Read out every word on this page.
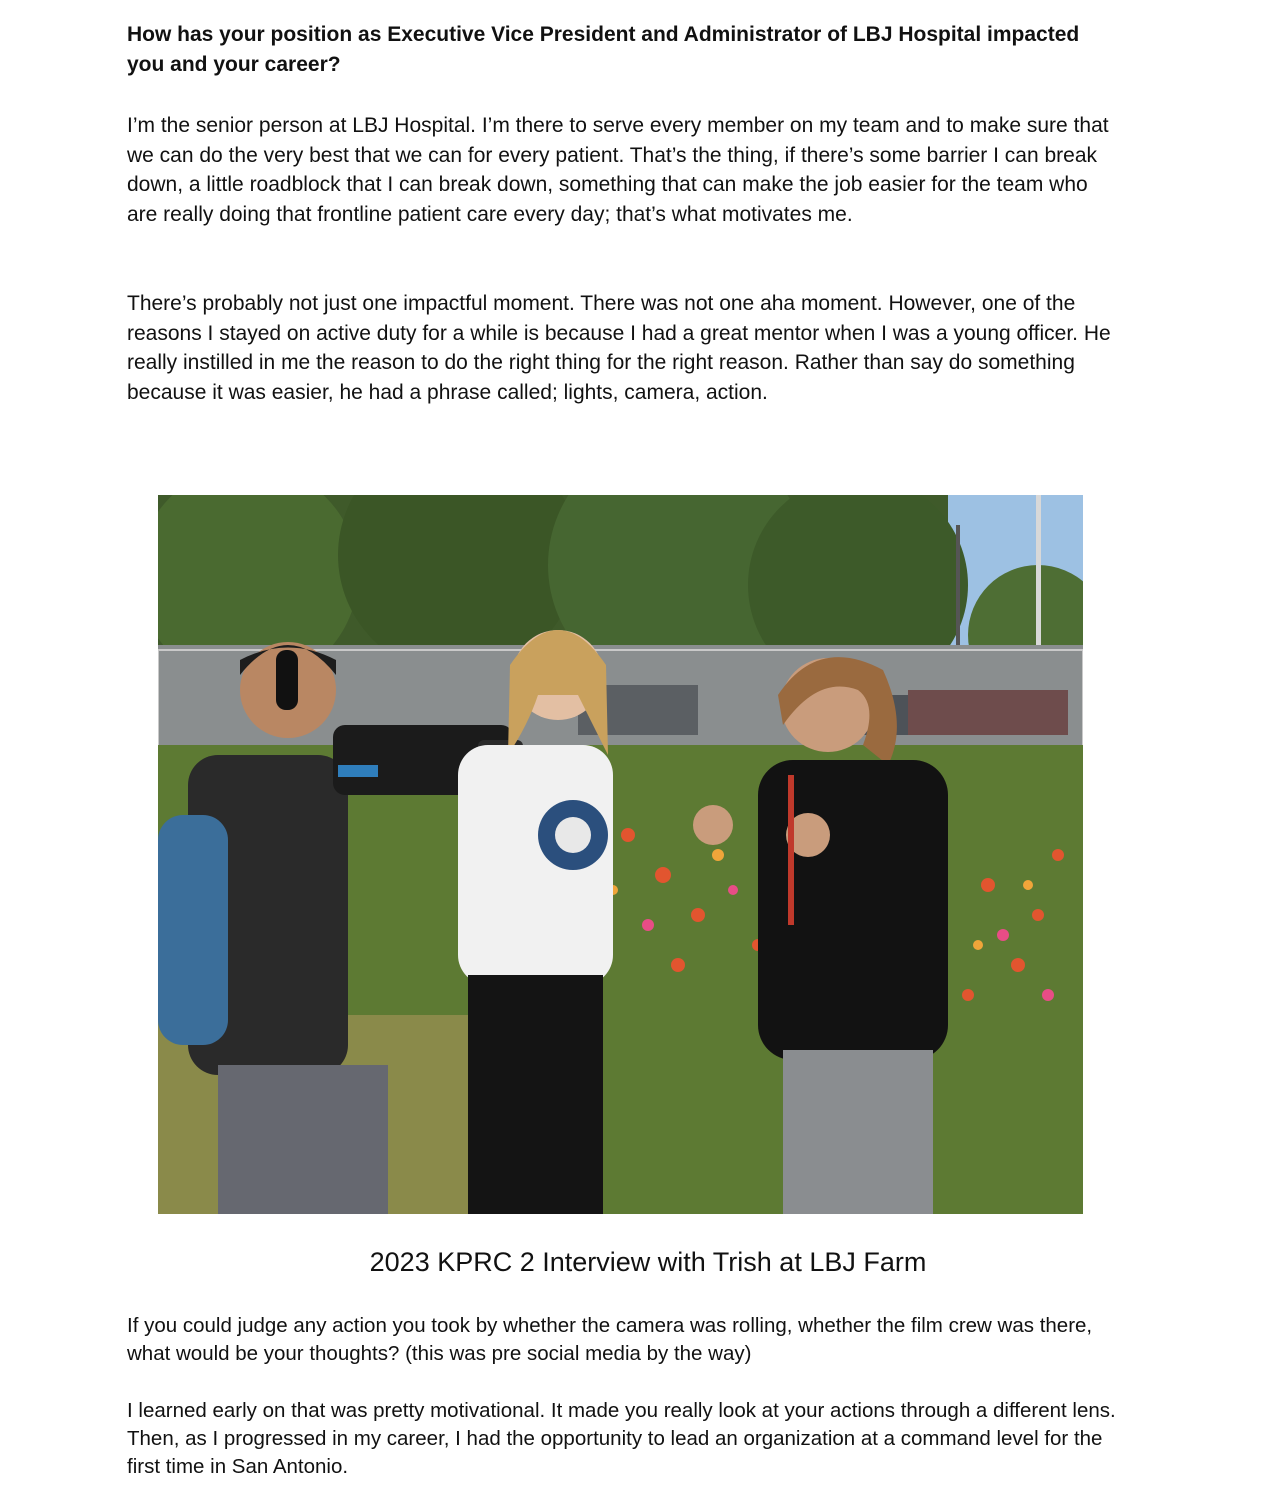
How has your position as Executive Vice President and Administrator of LBJ Hospital impacted you and your career?

I’m the senior person at LBJ Hospital. I’m there to serve every member on my team and to make sure that we can do the very best that we can for every patient. That’s the thing, if there’s some barrier I can break down, a little roadblock that I can break down, something that can make the job easier for the team who are really doing that frontline patient care every day; that’s what motivates me.

There’s probably not just one impactful moment. There was not one aha moment. However, one of the reasons I stayed on active duty for a while is because I had a great mentor when I was a young officer. He really instilled in me the reason to do the right thing for the right reason. Rather than say do something because it was easier, he had a phrase called; lights, camera, action.

2023 KPRC 2 Interview with Trish at LBJ Farm

If you could judge any action you took by whether the camera was rolling, whether the film crew was there, what would be your thoughts? (this was pre social media by the way)

I learned early on that was pretty motivational. It made you really look at your actions through a different lens. Then, as I progressed in my career, I had the opportunity to lead an organization at a command level for the first time in San Antonio.
